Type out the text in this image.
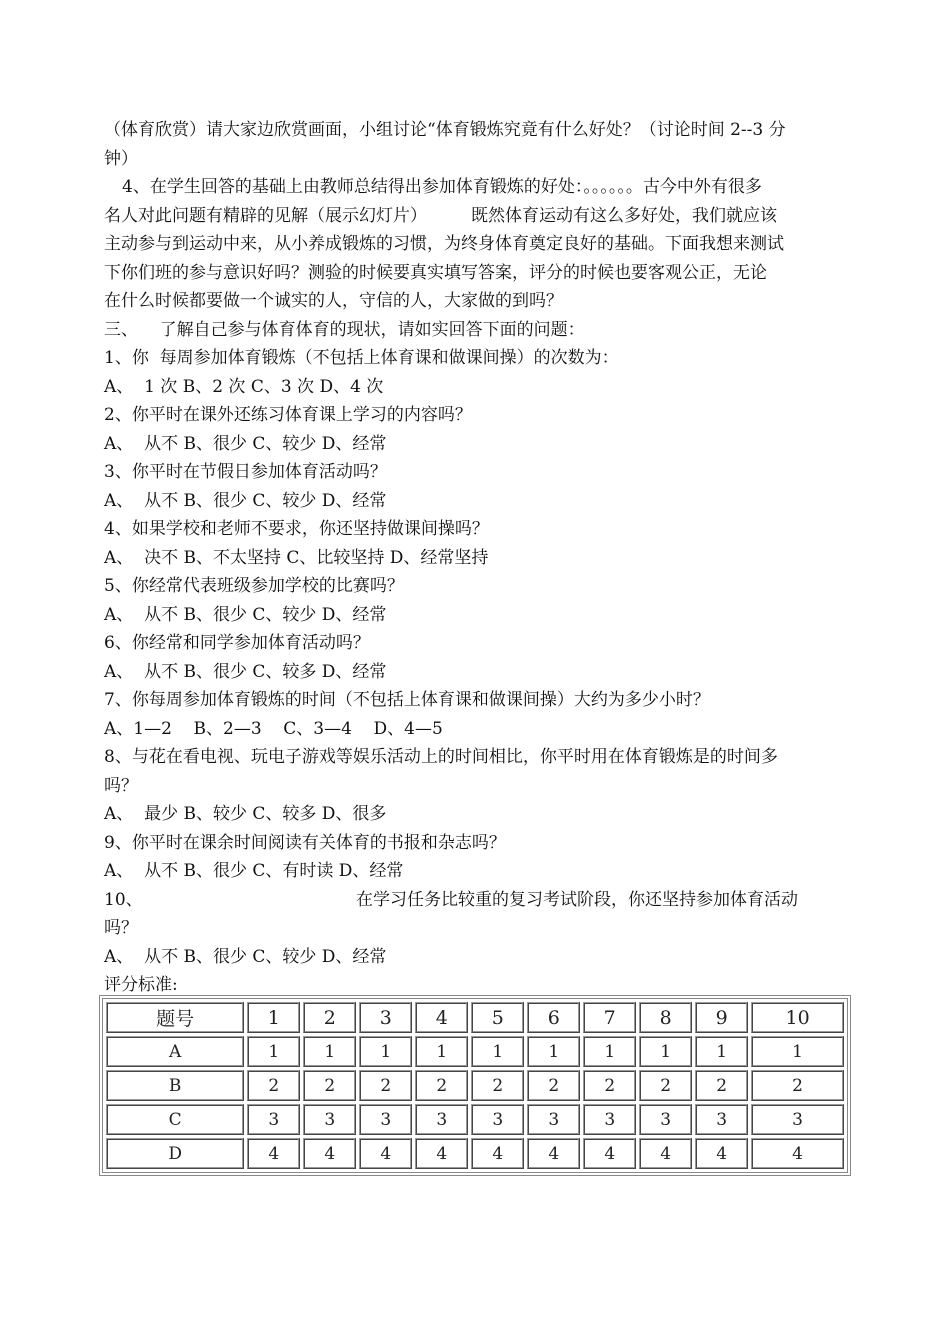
（体育欣赏）请大家边欣赏画面，小组讨论“体育锻炼究竟有什么好处？（讨论时间 2--3 分
钟）
4、在学生回答的基础上由教师总结得出参加体育锻炼的好处：。。。。。。古今中外有很多
名人对此问题有精辟的见解（展示幻灯片）	既然体育运动有这么多好处，我们就应该
主动参与到运动中来，从小养成锻炼的习惯，为终身体育奠定良好的基础。下面我想来测试
下你们班的参与意识好吗？测验的时候要真实填写答案，评分的时候也要客观公正，无论
在什么时候都要做一个诚实的人，守信的人，大家做的到吗？
三、    了解自己参与体育体育的现状，请如实回答下面的问题：
1、你  每周参加体育锻炼（不包括上体育课和做课间操）的次数为：
A、  1 次 B、2 次 C、3 次 D、4 次
2、你平时在课外还练习体育课上学习的内容吗？
A、  从不 B、很少 C、较少 D、经常
3、你平时在节假日参加体育活动吗？
A、  从不 B、很少 C、较少 D、经常
4、如果学校和老师不要求，你还坚持做课间操吗？
A、  决不 B、不太坚持 C、比较坚持 D、经常坚持
5、你经常代表班级参加学校的比赛吗？
A、  从不 B、很少 C、较少 D、经常
6、你经常和同学参加体育活动吗？
A、  从不 B、很少 C、较多 D、经常
7、你每周参加体育锻炼的时间（不包括上体育课和做课间操）大约为多少小时？
A、1—2    B、2—3    C、3—4    D、4—5
8、与花在看电视、玩电子游戏等娱乐活动上的时间相比，你平时用在体育锻炼是的时间多
吗？
A、  最少 B、较少 C、较多 D、很多
9、你平时在课余时间阅读有关体育的书报和杂志吗？
A、  从不 B、很少 C、有时读 D、经常
10、	在学习任务比较重的复习考试阶段，你还坚持参加体育活动
吗？
A、  从不 B、很少 C、较少 D、经常
评分标准:
题号	1	2	3	4	5	6	7	8	9	10
A	1	1	1	1	1	1	1	1	1	1
B	2	2	2	2	2	2	2	2	2	2
C	3	3	3	3	3	3	3	3	3	3
D	4	4	4	4	4	4	4	4	4	4
